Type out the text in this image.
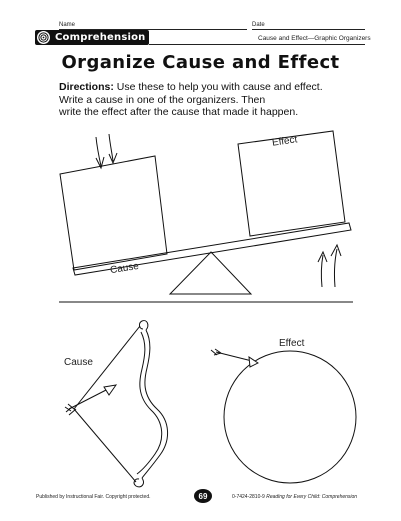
Name	Date
Comprehension	Cause and Effect—Graphic Organizers
Organize Cause and Effect
Directions: Use these to help you with cause and effect.
Write a cause in one of the organizers. Then
write the effect after the cause that made it happen.
Effect
Cause
Cause
Effect
Published by Instructional Fair. Copyright protected.	69	0-7424-2810-9 Reading for Every Child: Comprehension
